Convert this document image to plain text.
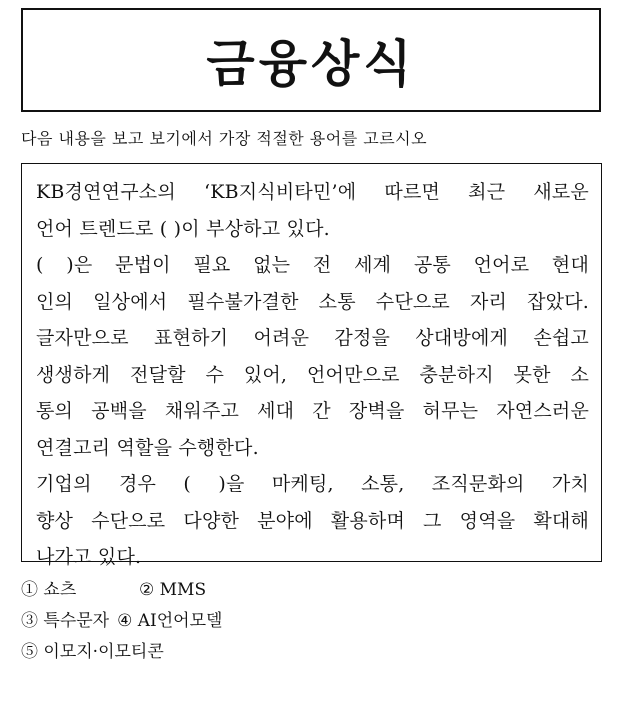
금융상식

다음 내용을 보고 보기에서 가장 적절한 용어를 고르시오

KB경연연구소의 ‘KB지식비타민’에 따르면 최근 새로운
언어 트렌드로 ( )이 부상하고 있다.
( )은 문법이 필요 없는 전 세계 공통 언어로 현대
인의 일상에서 필수불가결한 소통 수단으로 자리 잡았다.
글자만으로 표현하기 어려운 감정을 상대방에게 손쉽고
생생하게 전달할 수 있어, 언어만으로 충분하지 못한 소
통의 공백을 채워주고 세대 간 장벽을 허무는 자연스러운
연결고리 역할을 수행한다.
기업의 경우 ( )을 마케팅, 소통, 조직문화의 가치
향상 수단으로 다양한 분야에 활용하며 그 영역을 확대해
나가고 있다.
① 쇼츠	② MMS
③ 특수문자 ④ AI언어모델
⑤ 이모지·이모티콘
